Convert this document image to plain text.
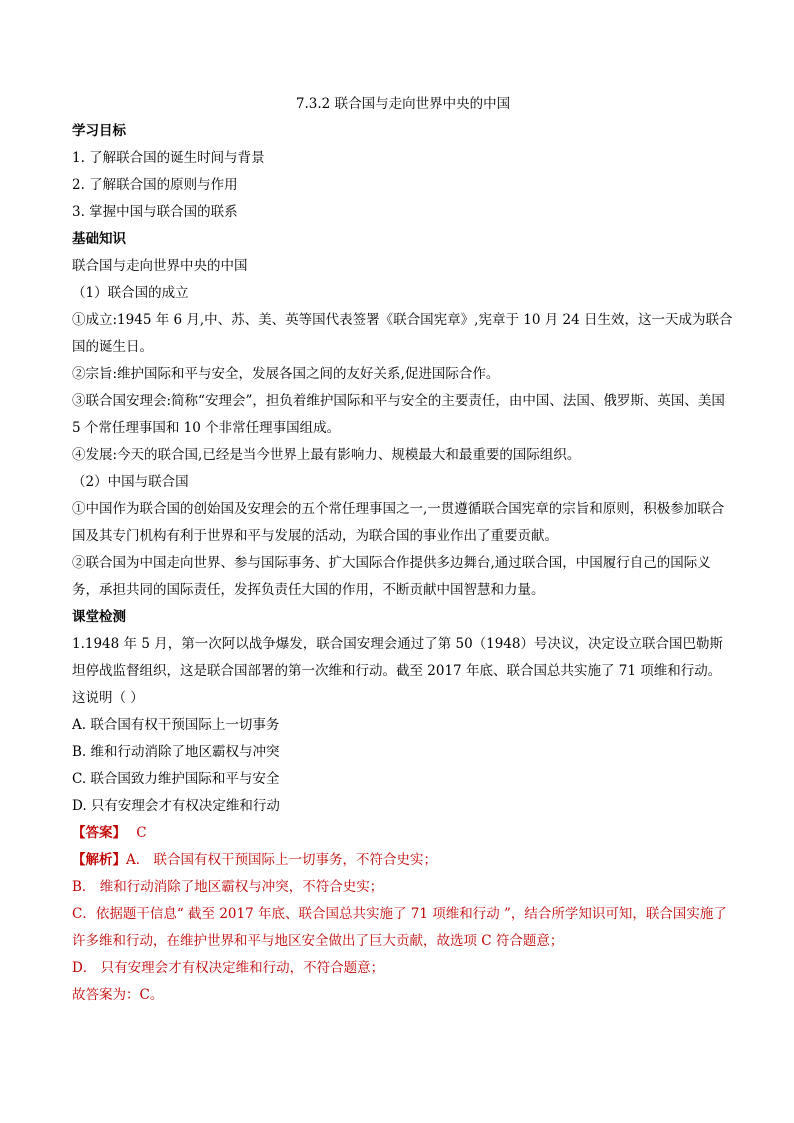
7.3.2 联合国与走向世界中央的中国
学习目标
1. 了解联合国的诞生时间与背景
2. 了解联合国的原则与作用
3. 掌握中国与联合国的联系
基础知识
联合国与走向世界中央的中国
（1）联合国的成立
①成立:1945 年 6 月,中、苏、美、英等国代表签署《联合国宪章》,宪章于 10 月 24 日生效，这一天成为联合国的诞生日。
②宗旨:维护国际和平与安全，发展各国之间的友好关系,促进国际合作。
③联合国安理会:简称“安理会”，担负着维护国际和平与安全的主要责任，由中国、法国、俄罗斯、英国、美国 5 个常任理事国和 10 个非常任理事国组成。
④发展:今天的联合国,已经是当今世界上最有影响力、规模最大和最重要的国际组织。
（2）中国与联合国
①中国作为联合国的创始国及安理会的五个常任理事国之一,一贯遵循联合国宪章的宗旨和原则，积极参加联合国及其专门机构有利于世界和平与发展的活动，为联合国的事业作出了重要贡献。
②联合国为中国走向世界、参与国际事务、扩大国际合作提供多边舞台,通过联合国，中国履行自己的国际义务，承担共同的国际责任，发挥负责任大国的作用，不断贡献中国智慧和力量。
课堂检测
1.1948 年 5 月，第一次阿以战争爆发，联合国安理会通过了第 50（1948）号决议，决定设立联合国巴勒斯坦停战监督组织，这是联合国部署的第一次维和行动。截至 2017 年底、联合国总共实施了 71 项维和行动。这说明（ ）
A. 联合国有权干预国际上一切事务
B. 维和行动消除了地区霸权与冲突
C. 联合国致力维护国际和平与安全
D. 只有安理会才有权决定维和行动
【答案】 C
【解析】A． 联合国有权干预国际上一切事务，不符合史实；
B． 维和行动消除了地区霸权与冲突，不符合史实；
C．依据题干信息“ 截至 2017 年底、联合国总共实施了 71 项维和行动 ”，结合所学知识可知，联合国实施了许多维和行动，在维护世界和平与地区安全做出了巨大贡献，故选项 C 符合题意；
D． 只有安理会才有权决定维和行动，不符合题意；
故答案为：C。
